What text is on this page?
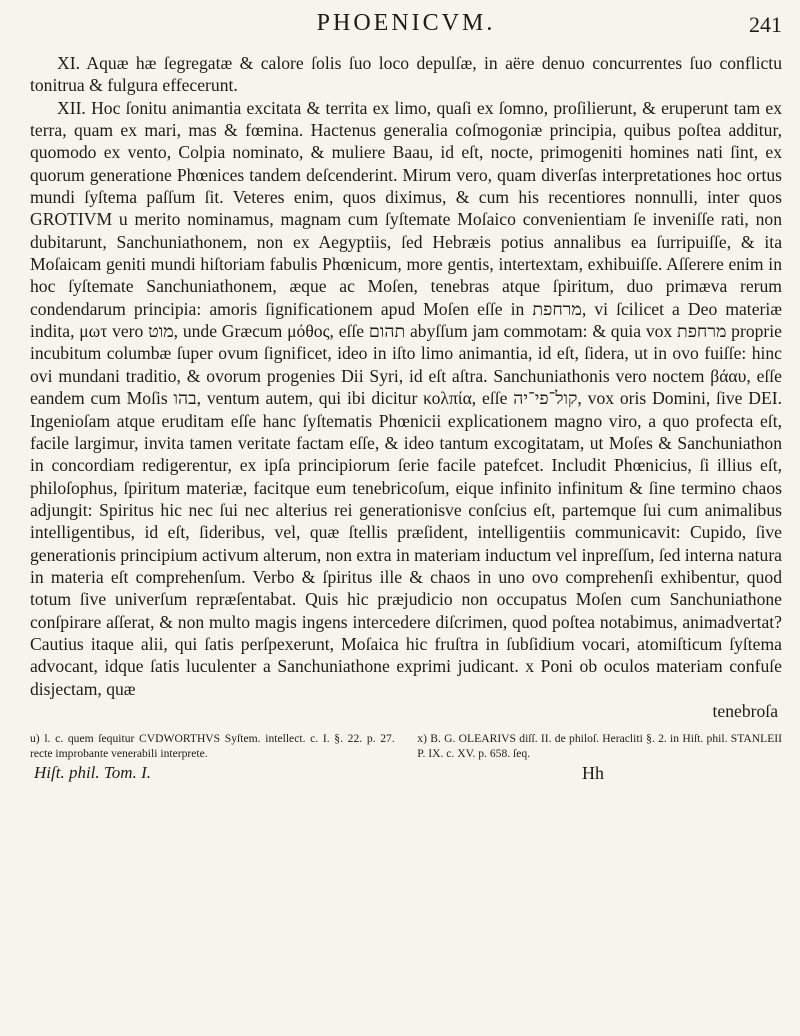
PHOENICVM.	241

XI. Aquæ hæ ſegregatæ & calore ſolis ſuo loco depulſæ, in aëre denuo concurrentes ſuo conflictu tonitrua & fulgura effecerunt.

XII. Hoc ſonitu animantia excitata & territa ex limo, quaſi ex ſomno, proſilierunt, & eruperunt tam ex terra, quam ex mari, mas & fœmina. Hactenus generalia coſmogoniæ principia, quibus poſtea additur, quomodo ex vento, Colpia nominato, & muliere Baau, id eſt, nocte, primogeniti homines nati ſint, ex quorum generatione Phœnices tandem deſcenderint. Mirum vero, quam diverſas interpretationes hoc ortus mundi ſyſtema paſſum ſit. Veteres enim, quos diximus, & cum his recentiores nonnulli, inter quos GROTIVM u merito nominamus, magnam cum ſyſtemate Moſaico convenientiam ſe inveniſſe rati, non dubitarunt, Sanchuniathonem, non ex Aegyptiis, ſed Hebræis potius annalibus ea ſurripuiſſe, & ita Moſaicam geniti mundi hiſtoriam fabulis Phœnicum, more gentis, intertextam, exhibuiſſe. Aſſerere enim in hoc ſyſtemate Sanchuniathonem, æque ac Moſen, tenebras atque ſpiritum, duo primæva rerum condendarum principia: amoris ſignificationem apud Moſen eſſe in מרחפת, vi ſcilicet a Deo materiæ indita, μωτ vero מוט, unde Græcum μόθος, eſſe תהום abyſſum jam commotam: & quia vox מרחפת proprie incubitum columbæ ſuper ovum ſignificet, ideo in iſto limo animantia, id eſt, ſidera, ut in ovo fuiſſe: hinc ovi mundani traditio, & ovorum progenies Dii Syri, id eſt aſtra. Sanchuniathonis vero noctem βάαυ, eſſe eandem cum Moſis בהו, ventum autem, qui ibi dicitur κολπία, eſſe קול־פי־יה, vox oris Domini, ſive DEI. Ingenioſam atque eruditam eſſe hanc ſyſtematis Phœnicii explicationem magno viro, a quo profecta eſt, facile largimur, invita tamen veritate factam eſſe, & ideo tantum excogitatam, ut Moſes & Sanchuniathon in concordiam redigerentur, ex ipſa principiorum ſerie facile patefcet. Includit Phœnicius, ſi illius eſt, philoſophus, ſpiritum materiæ, facitque eum tenebricoſum, eique infinito infinitum & ſine termino chaos adjungit: Spiritus hic nec ſui nec alterius rei generationisve conſcius eſt, partemque ſui cum animalibus intelligentibus, id eſt, ſideribus, vel, quæ ſtellis præſident, intelligentiis communicavit: Cupido, ſive generationis principium activum alterum, non extra in materiam inductum vel inpreſſum, ſed interna natura in materia eſt comprehenſum. Verbo & ſpiritus ille & chaos in uno ovo comprehenſi exhibentur, quod totum ſive univerſum repræſentabat. Quis hic præjudicio non occupatus Moſen cum Sanchuniathone conſpirare aſſerat, & non multo magis ingens intercedere diſcrimen, quod poſtea notabimus, animadvertat? Cautius itaque alii, qui ſatis perſpexerunt, Moſaica hic fruſtra in ſubſidium vocari, atomiſticum ſyſtema advocant, idque ſatis luculenter a Sanchuniathone exprimi judicant. x Poni ob oculos materiam confuſe disjectam, quæ

tenebroſa

u) l. c. quem ſequitur CVDWORTHVS Syſtem. intellect. c. I. §. 22. p. 27. recte improbante venerabili interprete.

x) B. G. OLEARIVS diſſ. II. de philoſ. Heracliti §. 2. in Hiſt. phil. STANLEII P. IX. c. XV. p. 658. ſeq.

Hiſt. phil. Tom. I.	Hh
